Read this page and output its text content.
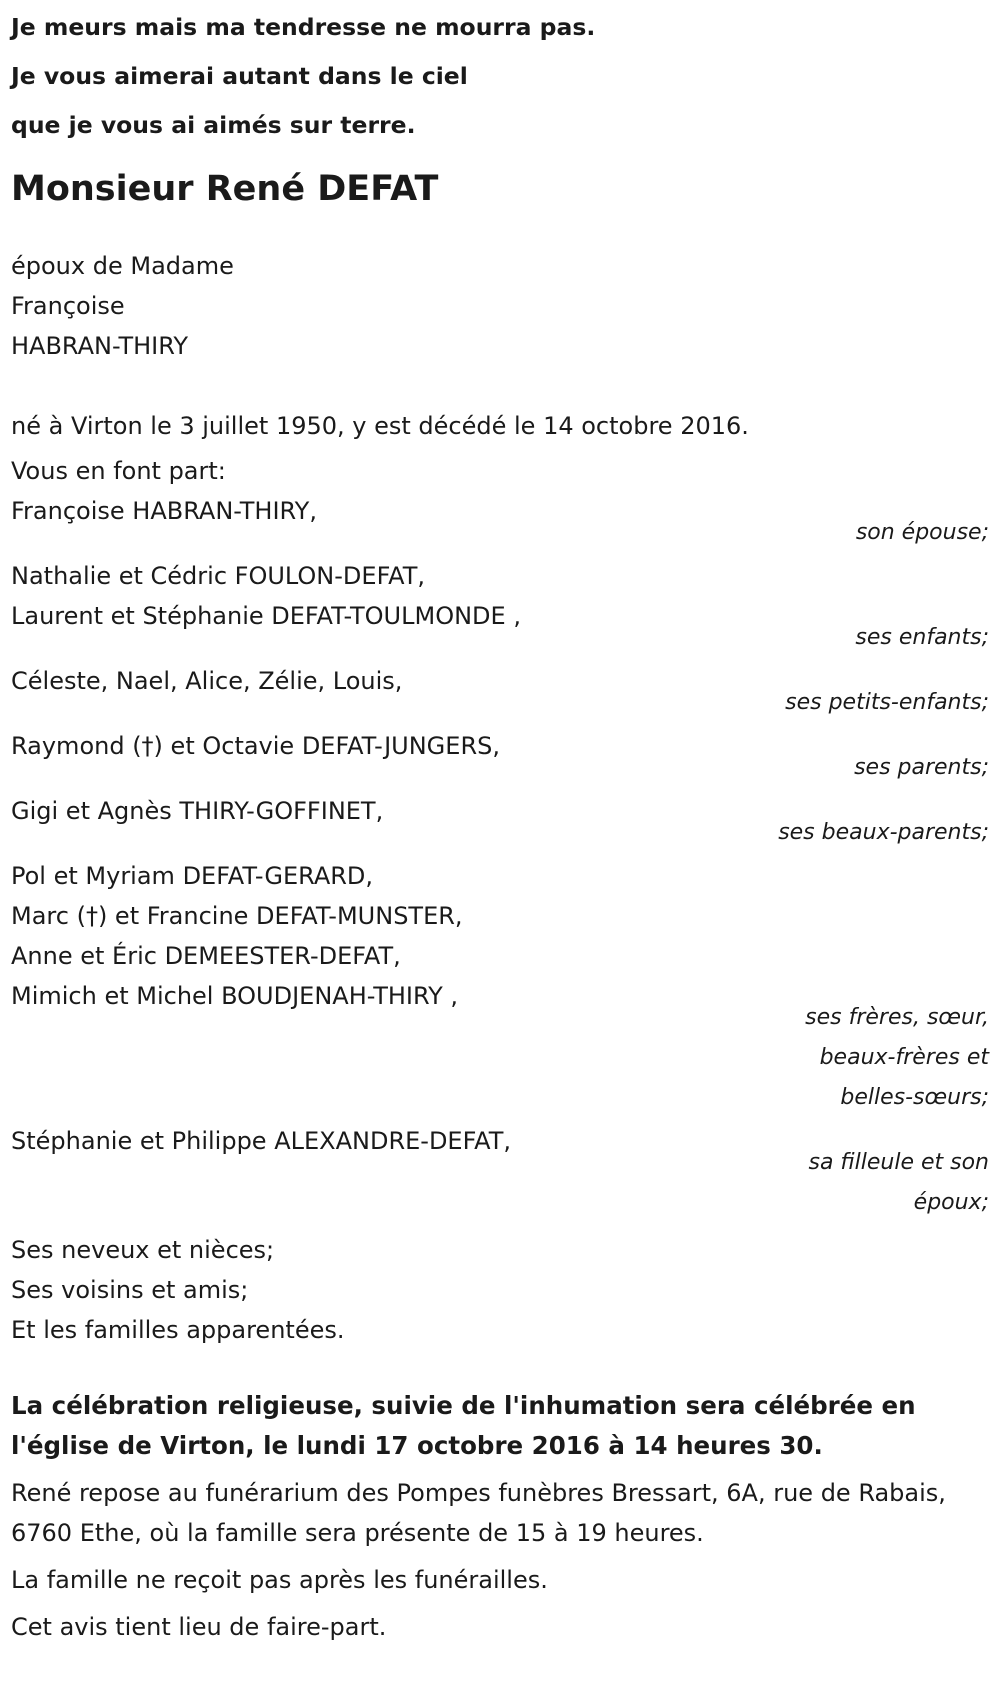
Je meurs mais ma tendresse ne mourra pas.
Je vous aimerai autant dans le ciel
que je vous ai aimés sur terre.
Monsieur René DEFAT
époux de Madame
Françoise
HABRAN-THIRY
né à Virton le 3 juillet 1950, y est décédé le 14 octobre 2016.
Vous en font part:
Françoise HABRAN-THIRY,
son épouse;
Nathalie et Cédric FOULON-DEFAT,
Laurent et Stéphanie DEFAT-TOULMONDE ,
ses enfants;
Céleste, Nael, Alice, Zélie, Louis,
ses petits-enfants;
Raymond (†) et Octavie DEFAT-JUNGERS,
ses parents;
Gigi et Agnès THIRY-GOFFINET,
ses beaux-parents;
Pol et Myriam DEFAT-GERARD,
Marc (†) et Francine DEFAT-MUNSTER,
Anne et Éric DEMEESTER-DEFAT,
Mimich et Michel BOUDJENAH-THIRY ,
ses frères, sœur,
beaux-frères et
belles-sœurs;
Stéphanie et Philippe ALEXANDRE-DEFAT,
sa filleule et son
époux;
Ses neveux et nièces;
Ses voisins et amis;
Et les familles apparentées.
La célébration religieuse, suivie de l'inhumation sera célébrée en l'église de Virton, le lundi 17 octobre 2016 à 14 heures 30.
René repose au funérarium des Pompes funèbres Bressart, 6A, rue de Rabais, 6760 Ethe, où la famille sera présente de 15 à 19 heures.
La famille ne reçoit pas après les funérailles.
Cet avis tient lieu de faire-part.
